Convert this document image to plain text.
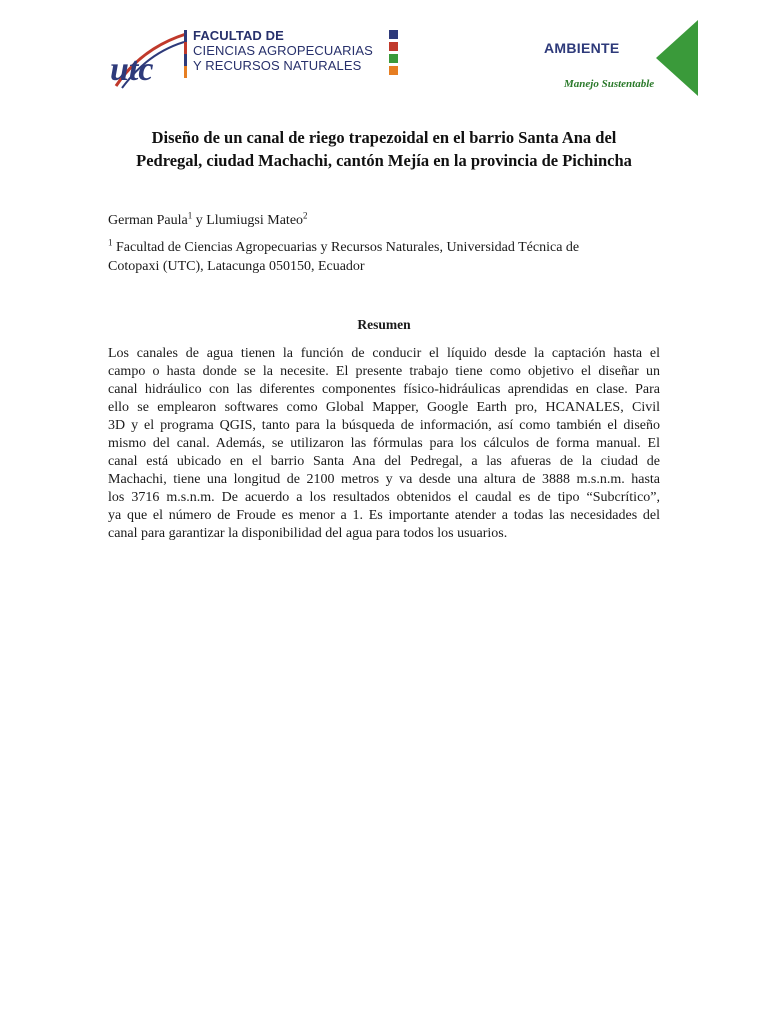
utc
FACULTAD DE
CIENCIAS AGROPECUARIAS
Y RECURSOS NATURALES
AMBIENTE
Manejo Sustentable
Diseño de un canal de riego trapezoidal en el barrio Santa Ana del
Pedregal, ciudad Machachi, cantón Mejía en la provincia de Pichincha
German Paula$^1$ y Llumiugsi Mateo$^2$
$^1$ Facultad de Ciencias Agropecuarias y Recursos Naturales, Universidad Técnica de
Cotopaxi (UTC), Latacunga 050150, Ecuador
Resumen
Los canales de agua tienen la función de conducir el líquido desde la captación hasta el
campo o hasta donde se la necesite. El presente trabajo tiene como objetivo el diseñar un
canal hidráulico con las diferentes componentes físico-hidráulicas aprendidas en clase. Para
ello se emplearon softwares como Global Mapper, Google Earth pro, HCANALES, Civil
3D y el programa QGIS, tanto para la búsqueda de información, así como también el diseño
mismo del canal. Además, se utilizaron las fórmulas para los cálculos de forma manual. El
canal está ubicado en el barrio Santa Ana del Pedregal, a las afueras de la ciudad de
Machachi, tiene una longitud de 2100 metros y va desde una altura de 3888 m.s.n.m. hasta
los 3716 m.s.n.m. De acuerdo a los resultados obtenidos el caudal es de tipo “Subcrítico”,
ya que el número de Froude es menor a 1. Es importante atender a todas las necesidades del
canal para garantizar la disponibilidad del agua para todos los usuarios.
